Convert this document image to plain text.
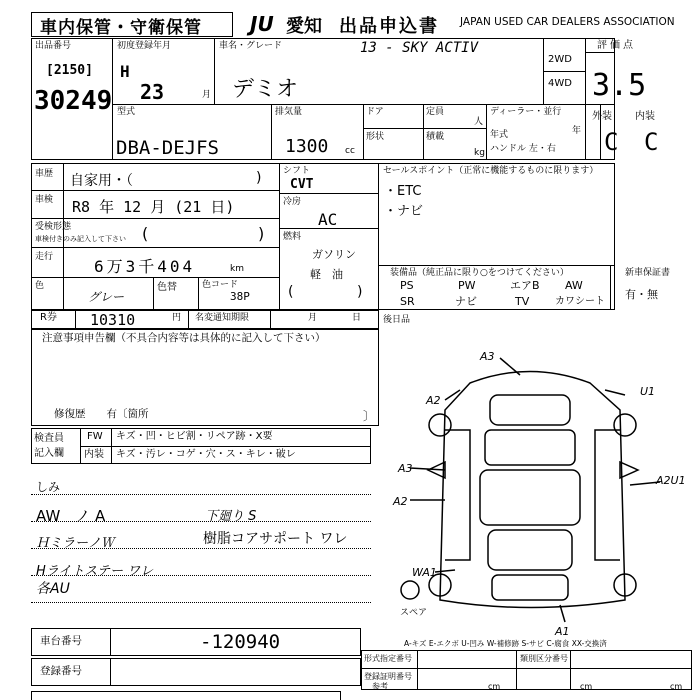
車内保管・守衛保管 JU 愛知 出品申込書 JAPAN USED CAR DEALERS ASSOCIATION
出品番号
[2150]
30249
初度登録年月
H
23	月
車名・グレード	13 - SKY ACTIV
デミオ
2WD
4WD
評価点
3.5
外装 内装
C C
型式
DBA-DEJFS
排気量
1300 cc
ドア
形状
定員
人
積載
kg
ディーラー・並行
年式	年
ハンドル 左・右
車歴 自家用・（	)
車検 R8 年 12 月 (21 日)
受検形態
車検付きのみ記入して下さい (	)
走行	6万3千404	km
色
グレー
色替	色コード
38P
シフト
CVT
冷房
AC
燃料
ガソリン
軽　油
(	)
セールスポイント（正常に機能するものに限ります）
・ETC
・ナビ
装備品（純正品に限り○をつけてください）
PS	PW	エアB AW
SR	ナビ	TV	カワシート
新車保証書
有・無
R券 10310	円 名変通知期限	月	日 後日品
注意事項申告欄（不具合内容等は具体的に記入して下さい）
修復歴　　有〔箇所	〕
検査員
記入欄
FW キズ・凹・ヒビ割・リペア跡・X要
内装 キズ・汚レ・コゲ・穴・ス・キレ・破レ
しみ
AW　ノ A
ＨミラーノＷ
Hライトステー ワレ
各AU
下廻り S
樹脂コアサポート ワレ
A3
A2
U1
A3
A2U1
A2
WA1
スペア
A1
A-キズ E-エクボ U-凹み W-補修跡 S-サビ C-腐食 XX-交換済
車台番号	-120940
登録番号
形式指定番号	類別区分番号
登録証明番号
参考	cm	cm	cm
